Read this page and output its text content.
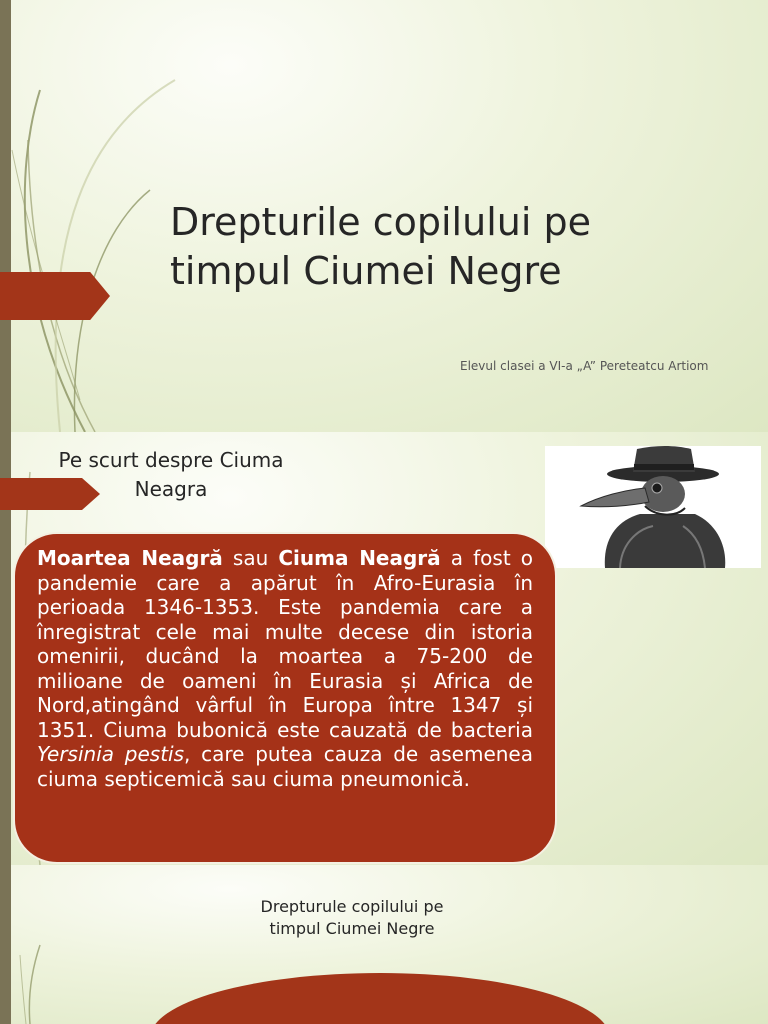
Drepturile copilului pe
timpul Ciumei Negre
Elevul clasei a VI-a „A” Pereteatcu Artiom
Pe scurt despre Ciuma
Neagra
Moartea Neagră sau Ciuma Neagră a fost o pandemie care a apărut în Afro-Eurasia în perioada 1346-1353. Este pandemia care a înregistrat cele mai multe decese din istoria omenirii, ducând la moartea a 75-200 de milioane de oameni în Eurasia și Africa de Nord,atingând vârful în Europa între 1347 și 1351. Ciuma bubonică este cauzată de bacteria Yersinia pestis, care putea cauza de asemenea ciuma septicemică sau ciuma pneumonică.
Drepturule copilului pe
timpul Ciumei Negre
